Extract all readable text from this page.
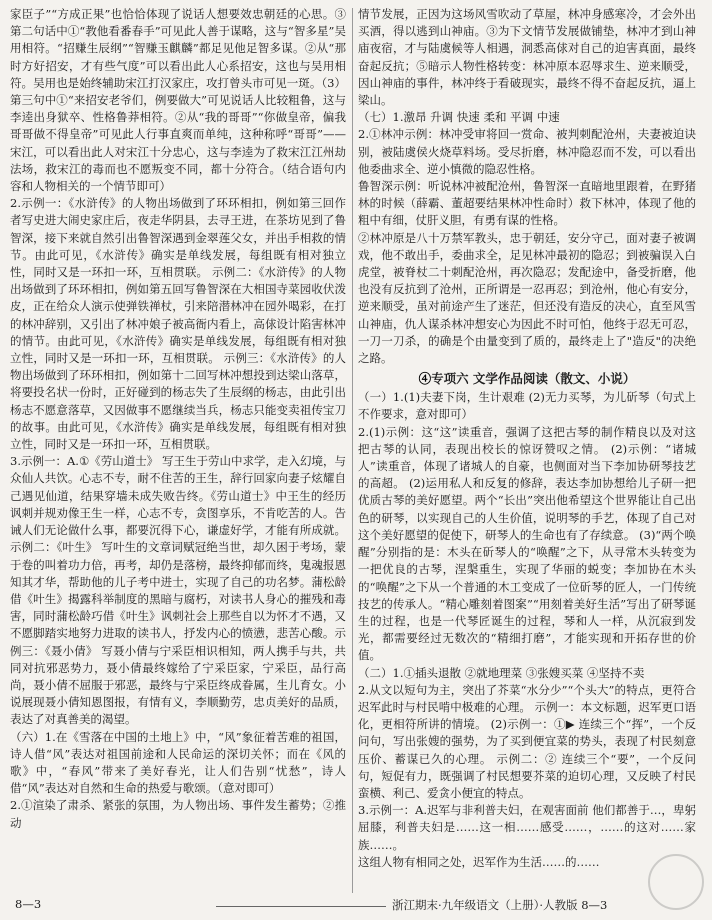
家臣子”“方成正果”也恰恰体现了说话人想要效忠朝廷的心思。③第二句话中①“教他看番春手”可见此人善于谋略，这与“智多星”吴用相符。“招赚生辰纲”“智赚玉麒麟”都足见他足智多谋。②从“那时方好招安，才有些气度”可以看出此人心系招安，这也与吴用相符。吴用也是始终辅助宋江打汉家庄，攻打曾头市可见一斑。（3）第三句中①“来招安老爷们，例要做大”可见说话人比较粗鲁，这与李逵出身狱卒、性格鲁莽相符。②从“我的哥哥”“你做皇帝，偏我哥哥做不得皇帝”可见此人行事直爽而单纯，这种称呼“哥哥”——宋江，可以看出此人对宋江十分忠心，这与李逵为了救宋江江州劫法场，救宋江的毒而也不愿叛变不同，都十分符合。（结合语句内容和人物相关的一个情节即可）

2.示例一：《水浒传》的人物出场做到了环环相扣，例如第三回作者写史进大闹史家庄后，夜走华阴县，去寻王进，在茶坊见到了鲁智深，接下来就自然引出鲁智深遇到金翠莲父女，并出手相救的情节。由此可见，《水浒传》确实是单线发展，每组既有相对独立性，同时又是一环扣一环，互相贯联。 示例二：《水浒传》的人物出场做到了环环相扣，例如第五回写鲁智深在大相国寺菜园收伏泼皮，正在给众人演示使弹铁禅杖，引来陪潜林冲在园外喝彩，在打的林冲辞别，又引出了林冲娘子被高衙内看上，高俅设计陷害林冲的情节。由此可见，《水浒传》确实是单线发展，每组既有相对独立性，同时又是一环扣一环，互相贯联。 示例三：《水浒传》的人物出场做到了环环相扣，例如第十二回写林冲想投到达梁山落草，将要投名状一份时，正好碰到的杨志失了生辰纲的杨志，由此引出杨志不愿意落草，又因做事不愿继续当兵，杨志只能变卖祖传宝刀的故事。由此可见，《水浒传》确实是单线发展，每组既有相对独立性，同时又是一环扣一环，互相贯联。

3.示例一：A.①《劳山道士》 写王生于劳山中求学，走入幻境，与众仙人共饮。心志不专，耐不住苦的王生，辞行回家向妻子炫耀自己遇见仙道，结果穿墙未成失败告终。《劳山道士》中王生的经历讽刺并规劝像王生一样，心志不专，贪图享乐，不肯吃苦的人。告诫人们无论做什么事，都要沉得下心，谦虚好学，才能有所成就。示例二：《叶生》 写叶生的文章词赋冠绝当世，却久困于考场，蒙于卷的叫着功力倍，再考，却仍是落榜，最终抑郁而终，鬼魂报恩知其才华，帮助他的儿子考中进士，实现了自己的功名梦。蒲松龄借《叶生》揭露科举制度的黑暗与腐朽，对读书人身心的摧残和毒害，同时蒲松龄巧借《叶生》讽刺社会上那些自以为怀才不遇，又不愿脚踏实地努力进取的读书人，抒发内心的愤懑，悲苦心酸。示例三：《聂小倩》 写聂小倩与宁采臣相识相知，两人携手与共，共同对抗邪恶势力，聂小倩最终嫁给了宁采臣家，宁采臣，品行高尚，聂小倩不屈服于邪恶，最终与宁采臣终成眷属，生儿育女。小说展现聂小倩知恩图报，有情有义，李顺勤劳，忠贞美好的品质，表达了对真善美的渴望。

（六）1.在《雪落在中国的土地上》中，“风”象征着苦难的祖国，诗人借“风”表达对祖国前途和人民命运的深切关怀；而在《风的歌》中，“春风”带来了美好春光，让人们告别“忧愁”，诗人借“风”表达对自然和生命的热爱与歌颂。（意对即可）

2.①渲染了肃杀、紧张的氛围，为人物出场、事件发生蓄势；②推动

情节发展，正因为这场风雪吹动了草屋，林冲身感寒冷，才会外出买酒，得以逃到山神庙。③为下文情节发展做铺垫，林冲才到山神庙夜宿，才与陆虞候等人相遇，洞悉高俅对自己的迫害真面，最终奋起反抗；⑤暗示人物性格转变：林冲原本忍辱求生、逆来顺受，因山神庙的事件，林冲终于看破现实，最终不得不奋起反抗，逼上梁山。

（七）1.激昂 升调 快速 柔和 平调 中速

2.①林冲示例：林冲受审将回一赏命、被判刺配沧州，夫妻被迫诀别，被陆虞侯火烧草料场。受尽折磨，林冲隐忍而不发，可以看出他委曲求全、逆小慎微的隐忍性格。

鲁智深示例：听说林冲被配沧州，鲁智深一直暗地里跟着，在野猪林的时候（薛霸、董超要结果林冲性命时）救下林冲，体现了他的粗中有细，仗肝义胆，有勇有谋的性格。

②林冲原是八十万禁军教头，忠于朝廷，安分守己，面对妻子被调戏，他不敢出手，委曲求全，足见林冲最初的隐忍；到被骗误入白虎堂，被脊杖二十刺配沧州，再次隐忍；发配途中，备受折磨，他也没有反抗到了沧州，正所谓是一忍再忍；到沧州，他心有安分，逆来顺受，虽对前途产生了迷茫，但还没有造反的决心，直至风雪山神庙，仇人谋杀林冲想安心为因此不时可怕，他终于忍无可忍，一刀一刀杀，的确是个由量变到了质的，最终走上了"造反"的决绝之路。

④专项六 文学作品阅读（散文、小说）

（一）1.(1)夫妻下岗，生计艰难 (2)无力买琴，为儿斫琴（句式上不作要求，意对即可）

2.(1)示例：这“这”读重音，强调了这把古琴的制作精良以及对这把古琴的认同，表现出校长的惊讶赞叹之情。 (2)示例：“诸城人”读重音，体现了诸城人的自豪，也侧面对当下李加协研琴技艺的高超。 (2)运用私人和反复的修辞，表达李加协想给儿子研一把优质古琴的美好愿望。两个“长出”突出他希望这个世界能让自己出色的研琴，以实现自己的人生价值，说明琴的手艺，体现了自己对这个美好愿望的促使下，研琴人的生命也有了存续意。 (3)“两个唤醒”分别指的是：木头在斫琴人的“唤醒”之下，从寻常木头转变为一把优良的古琴，涅槃重生，实现了华丽的蜕变；李加协在木头的“唤醒”之下从一个普通的木工变成了一位斫琴的匠人，一门传统技艺的传承人。“精心雕刻着图案”“用刻着美好生活”写出了研琴诞生的过程，也是一代琴匠诞生的过程，琴和人一样，从沉寂到发光，都需要经过无数次的“精细打磨”，才能实现和开拓存世的价值。

（二）1.①插头退散 ②就地理菜 ③张嫂买菜 ④坚持不卖

2.从文以短句为主，突出了芥菜“水分少”“个头大”的特点，更符合迟军此时与村民啃中极难的心理。 示例一：本文标题，迟军更口语化，更相符所讲的情境。 (2)示例一：①▶ 连续三个“挥”，一个反问句，写出张嫂的强势，为了买到便宜菜的势头，表现了村民刻意压价、蓄谋已久的心理。 示例二：② 连续三个“要”，一个反问句，短促有力，既强调了村民想要芥菜的迫切心理，又反映了村民蛮横、利己、爱贪小便宜的特点。

3.示例一：A.迟军与非利普夫妇，在观害面前 他们都善于…，卑躬屈膝，利普夫妇是……这一相……感受……，……的这对……家族……。

这组人物有相同之处，迟军作为生活……的……

8—3	浙江期末·九年级语文（上册）·人教版 8—3
